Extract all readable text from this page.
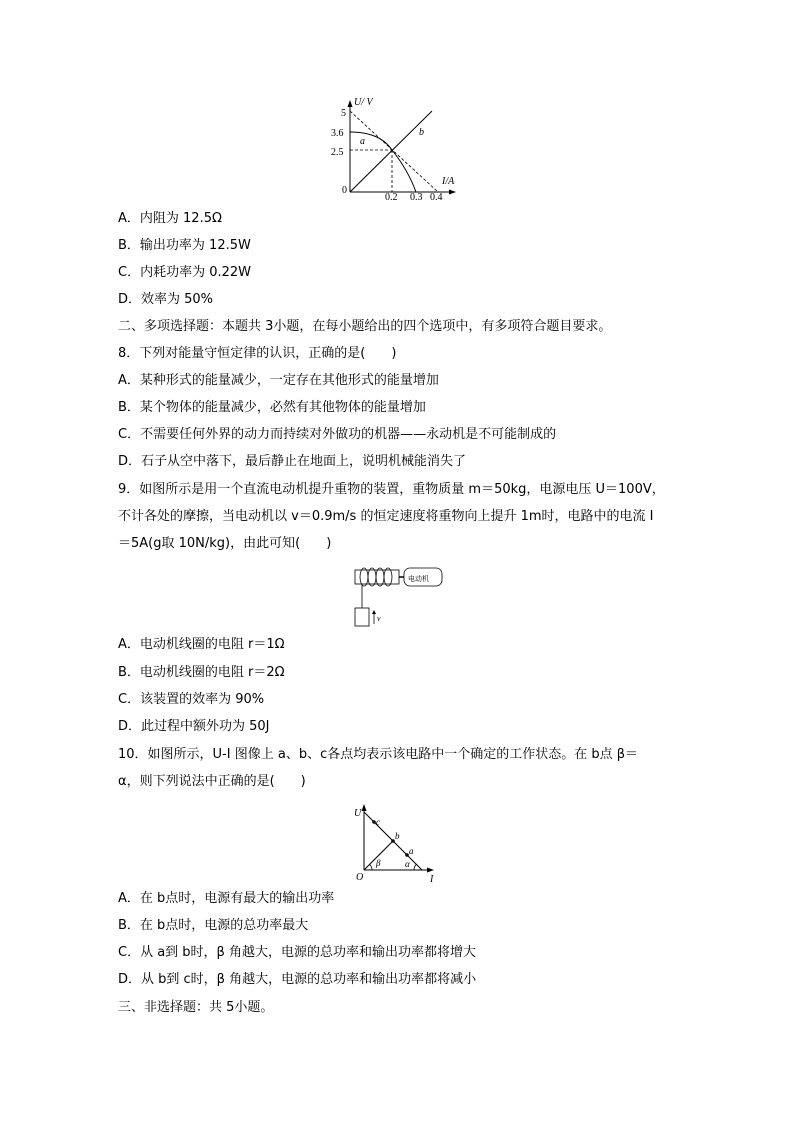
U/ V
I/A
5
3.6
2.5
0
0.2 0.3 0.4
a
b
A．内阻为 12.5Ω
B．输出功率为 12.5W
C．内耗功率为 0.22W
D．效率为 50%
二、多项选择题：本题共 3小题，在每小题给出的四个选项中，有多项符合题目要求。
8．下列对能量守恒定律的认识，正确的是(　　)
A．某种形式的能量减少，一定存在其他形式的能量增加
B．某个物体的能量减少，必然有其他物体的能量增加
C．不需要任何外界的动力而持续对外做功的机器——永动机是不可能制成的
D．石子从空中落下，最后静止在地面上，说明机械能消失了
9．如图所示是用一个直流电动机提升重物的装置，重物质量 m＝50kg，电源电压 U＝100V，
不计各处的摩擦，当电动机以 v＝0.9m/s 的恒定速度将重物向上提升 1m时，电路中的电流 I
＝5A(g取 10N/kg)，由此可知(　　)
电动机
v
A．电动机线圈的电阻 r＝1Ω
B．电动机线圈的电阻 r＝2Ω
C．该装置的效率为 90%
D．此过程中额外功为 50J
10．如图所示，U-I 图像上 a、b、c各点均表示该电路中一个确定的工作状态。在 b点 β＝
α，则下列说法中正确的是(　　)
U
I
O
c
b
a
β	α
A．在 b点时，电源有最大的输出功率
B．在 b点时，电源的总功率最大
C．从 a到 b时，β 角越大，电源的总功率和输出功率都将增大
D．从 b到 c时，β 角越大，电源的总功率和输出功率都将减小
三、非选择题：共 5小题。
